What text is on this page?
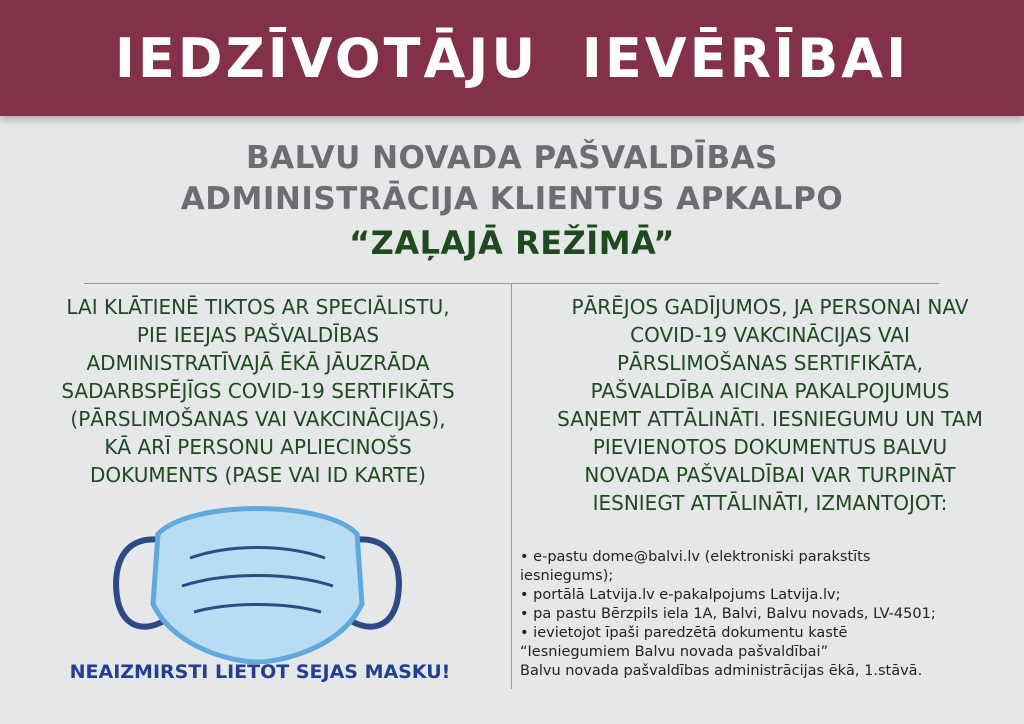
IEDZĪVOTĀJU  IEVĒRĪBAI
BALVU NOVADA PAŠVALDĪBAS
ADMINISTRĀCIJA KLIENTUS APKALPO
“ZAĻAJĀ REŽĪMĀ”
LAI KLĀTIENĒ TIKTOS AR SPECIĀLISTU,
PIE IEEJAS PAŠVALDĪBAS
ADMINISTRATĪVAJĀ ĒKĀ JĀUZRĀDA
SADARBSPĒJĪGS COVID-19 SERTIFIKĀTS
(PĀRSLIMOŠANAS VAI VAKCINĀCIJAS),
KĀ ARĪ PERSONU APLIECINOŠS
DOKUMENTS (PASE VAI ID KARTE)
NEAIZMIRSTI LIETOT SEJAS MASKU!
PĀRĒJOS GADĪJUMOS, JA PERSONAI NAV
COVID-19 VAKCINĀCIJAS VAI
PĀRSLIMOŠANAS SERTIFIKĀTA,
PAŠVALDĪBA AICINA PAKALPOJUMUS
SAŅEMT ATTĀLINĀTI. IESNIEGUMU UN TAM
PIEVIENOTOS DOKUMENTUS BALVU
NOVADA PAŠVALDĪBAI VAR TURPINĀT
IESNIEGT ATTĀLINĀTI, IZMANTOJOT:
• e-pastu dome@balvi.lv (elektroniski parakstīts
iesniegums);
• portālā Latvija.lv e-pakalpojums Latvija.lv;
• pa pastu Bērzpils iela 1A, Balvi, Balvu novads, LV-4501;
• ievietojot īpaši paredzētā dokumentu kastē
“Iesniegumiem Balvu novada pašvaldībai”
Balvu novada pašvaldības administrācijas ēkā, 1.stāvā.
